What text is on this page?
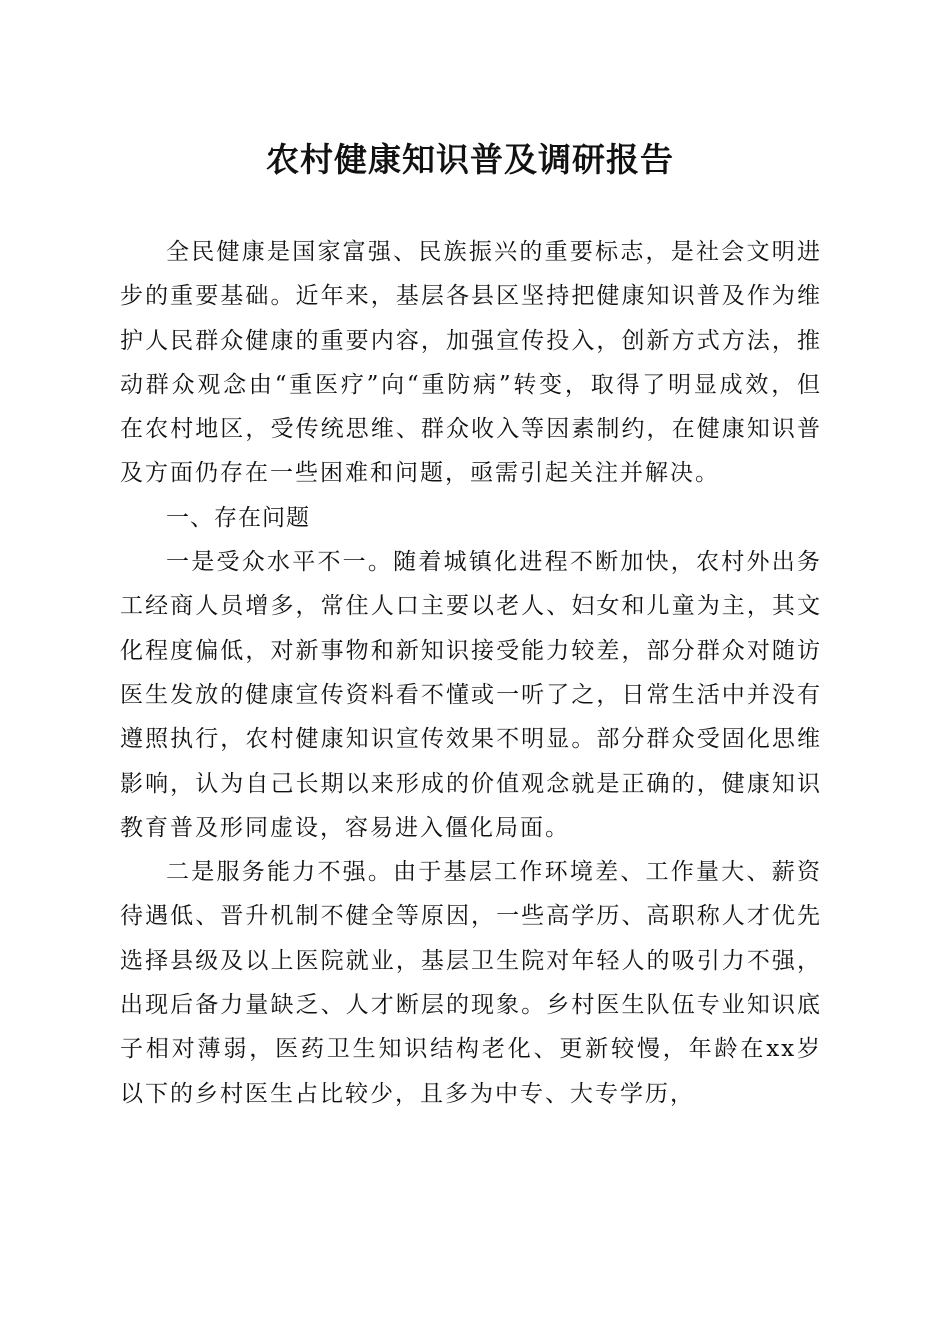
农村健康知识普及调研报告

全民健康是国家富强、民族振兴的重要标志，是社会文明进步的重要基础。近年来，基层各县区坚持把健康知识普及作为维护人民群众健康的重要内容，加强宣传投入，创新方式方法，推动群众观念由“重医疗”向“重防病”转变，取得了明显成效，但在农村地区，受传统思维、群众收入等因素制约，在健康知识普及方面仍存在一些困难和问题，亟需引起关注并解决。

一、存在问题

一是受众水平不一。随着城镇化进程不断加快，农村外出务工经商人员增多，常住人口主要以老人、妇女和儿童为主，其文化程度偏低，对新事物和新知识接受能力较差，部分群众对随访医生发放的健康宣传资料看不懂或一听了之，日常生活中并没有遵照执行，农村健康知识宣传效果不明显。部分群众受固化思维影响，认为自己长期以来形成的价值观念就是正确的，健康知识教育普及形同虚设，容易进入僵化局面。

二是服务能力不强。由于基层工作环境差、工作量大、薪资待遇低、晋升机制不健全等原因，一些高学历、高职称人才优先选择县级及以上医院就业，基层卫生院对年轻人的吸引力不强，出现后备力量缺乏、人才断层的现象。乡村医生队伍专业知识底子相对薄弱，医药卫生知识结构老化、更新较慢，年龄在xx岁以下的乡村医生占比较少，且多为中专、大专学历，
